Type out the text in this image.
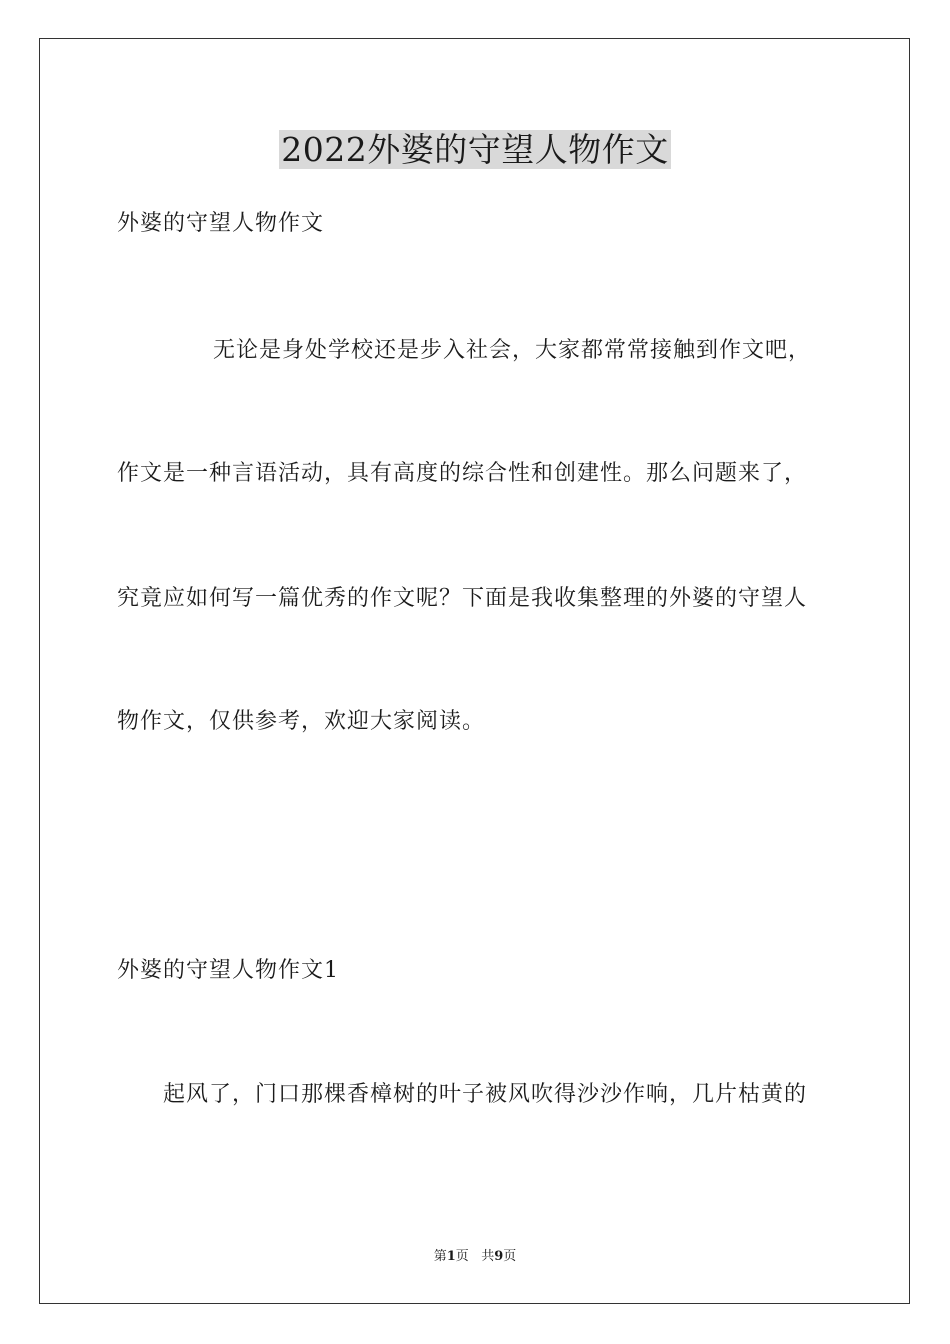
2022外婆的守望人物作文
外婆的守望人物作文
无论是身处学校还是步入社会，大家都常常接触到作文吧，
作文是一种言语活动，具有高度的综合性和创建性。那么问题来了，
究竟应如何写一篇优秀的作文呢？下面是我收集整理的外婆的守望人
物作文，仅供参考，欢迎大家阅读。
外婆的守望人物作文1
起风了，门口那棵香樟树的叶子被风吹得沙沙作响，几片枯黄的
第1页 共9页
